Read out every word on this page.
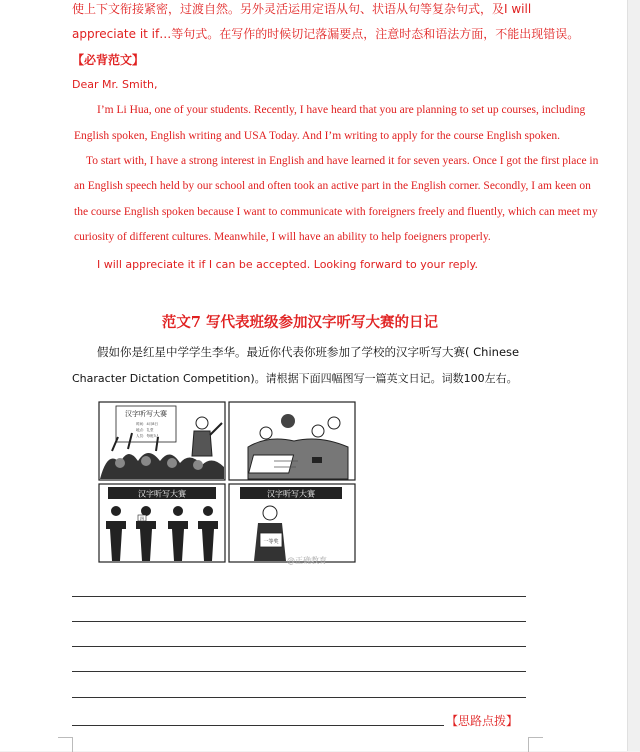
使上下文衔接紧密，过渡自然。另外灵活运用定语从句、状语从句等复杂句式，及I will
appreciate it if…等句式。在写作的时候切记落漏要点，注意时态和语法方面，不能出现错误。
【必背范文】
Dear Mr. Smith,
I’m Li Hua, one of your students. Recently, I have heard that you are planning to set up courses, including
English spoken, English writing and USA Today. And I’m writing to apply for the course English spoken.
To start with, I have a strong interest in English and have learned it for seven years. Once I got the first place in
an English speech held by our school and often took an active part in the English corner. Secondly, I am keen on
the course English spoken because I want to communicate with foreigners freely and fluently, which can meet my
curiosity of different cultures. Meanwhile, I will have an ability to help foeigners properly.
I will appreciate it if I can be accepted. Looking forward to your reply.
范文7 写代表班级参加汉字听写大赛的日记
假如你是红星中学学生李华。最近你代表你班参加了学校的汉字听写大赛( Chinese
Character Dictation Competition)。请根据下面四幅图写一篇英文日记。词数100左右。
汉字听写大赛
时间：4月8日
地点：礼堂
人员：每班3人
汉字听写大赛
四
汉字听写大赛
一等奖
@正确教育
【思路点拨】
